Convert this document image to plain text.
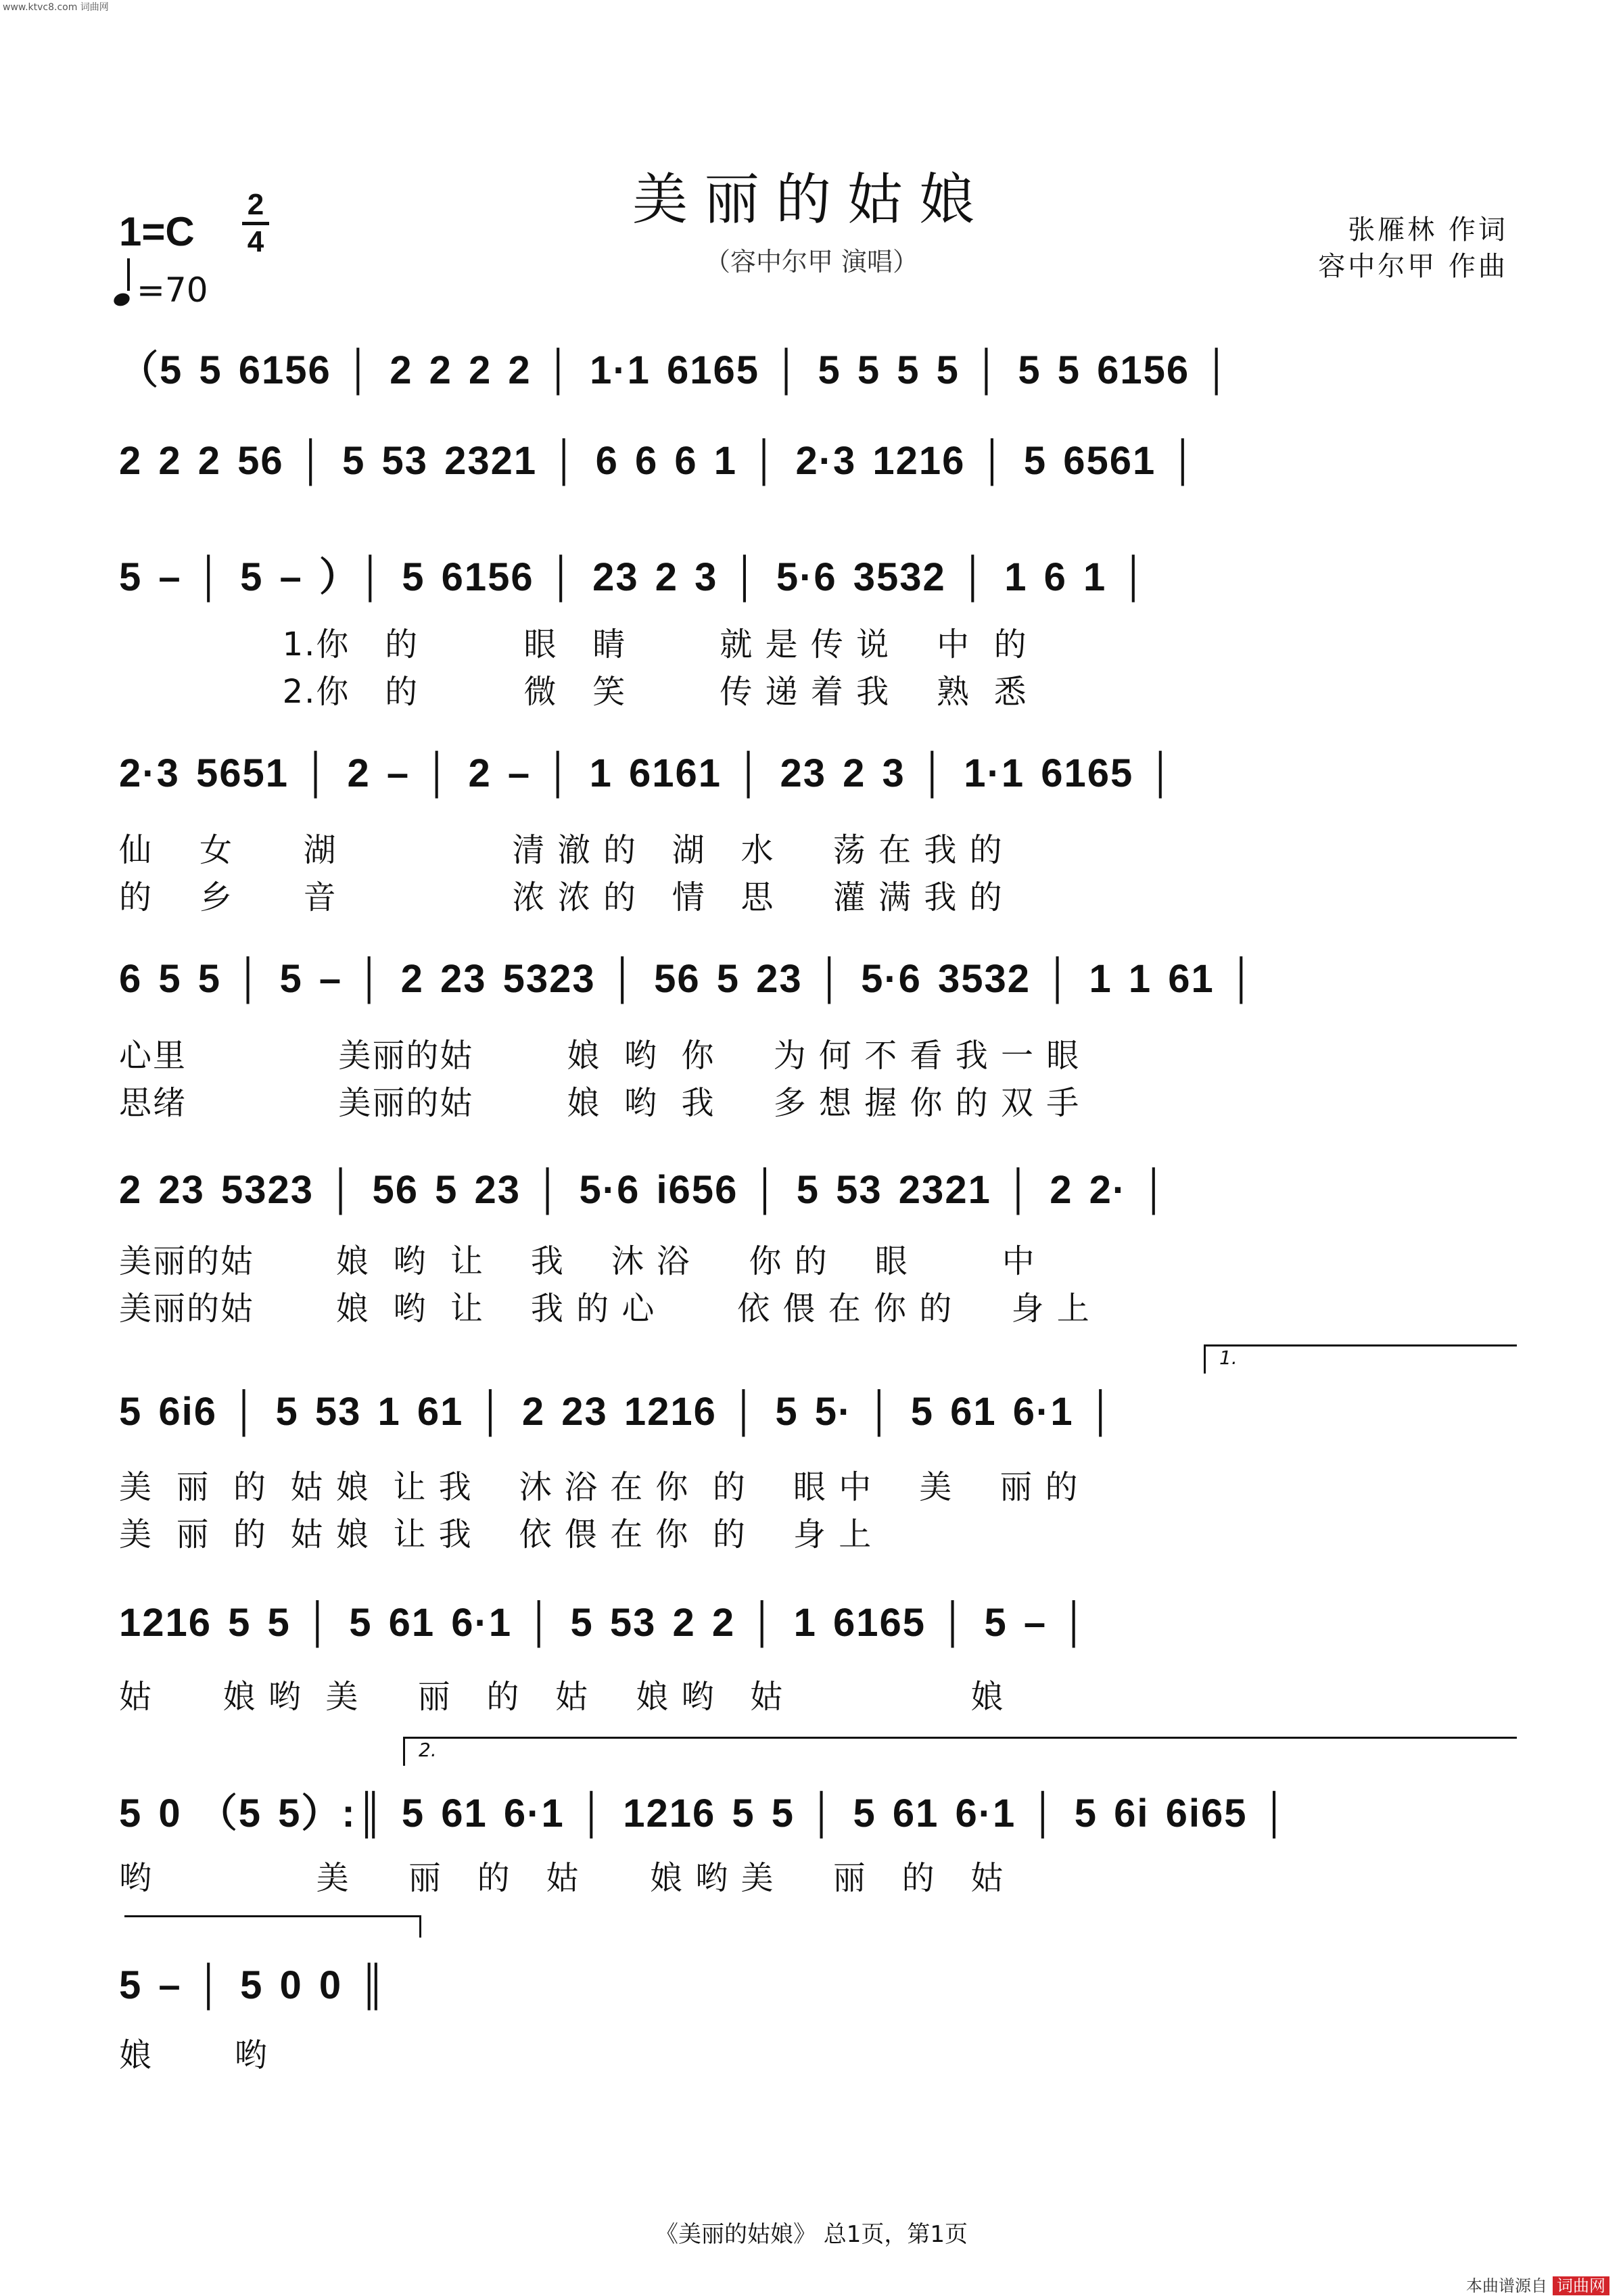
www.ktvc8.com 词曲网
美丽的姑娘
（容中尔甲 演唱）
1=C
2
4
=70
张雁林 作词
容中尔甲 作曲
（5 5 6156 │ 2 2 2 2 │ 1·1 6165 │ 5 5 5 5 │ 5 5 6156 │
2 2 2 56 │ 5 53 2321 │ 6 6 6 1 │ 2·3 1216 │ 5 6561 │
5 – │ 5 – ）│ 5 6156 │ 23 2 3 │ 5·6 3532 │ 1 6 1 │
1.你   的         眼   睛        就 是 传 说    中  的
2.你   的         微   笑        传 递 着 我    熟  悉
2·3 5651 │ 2 – │ 2 – │ 1 6161 │ 23 2 3 │ 1·1 6165 │
仙    女      湖               清 澈 的   湖   水     荡 在 我 的
的    乡      音               浓 浓 的   情   思     灌 满 我 的
6 5 5 │ 5 – │ 2 23 5323 │ 56 5 23 │ 5·6 3532 │ 1 1 61 │
心里             美丽的姑        娘  哟  你     为 何 不 看 我 一 眼
思绪             美丽的姑        娘  哟  我     多 想 握 你 的 双 手
2 23 5323 │ 56 5 23 │ 5·6 i656 │ 5 53 2321 │ 2 2· │
美丽的姑       娘  哟  让    我    沐 浴     你 的    眼        中
美丽的姑       娘  哟  让    我 的 心       依 偎 在 你 的     身 上
1.
5 6i6 │ 5 53 1 61 │ 2 23 1216 │ 5 5· │ 5 61 6·1 │
美  丽  的  姑 娘  让 我    沐 浴 在 你  的    眼 中    美    丽 的
美  丽  的  姑 娘  让 我    依 偎 在 你  的    身 上
1216 5 5 │ 5 61 6·1 │ 5 53 2 2 │ 1 6165 │ 5 – │
姑      娘 哟  美     丽   的   姑    娘 哟   姑                娘
2.
5 0 （5 5）:║ 5 61 6·1 │ 1216 5 5 │ 5 61 6·1 │ 5 6i 6i65 │
哟              美     丽   的   姑      娘 哟 美     丽   的   姑
5 – │ 5 0 0 ║
娘       哟
《美丽的姑娘》 总1页，第1页
本曲谱源自 词曲网
